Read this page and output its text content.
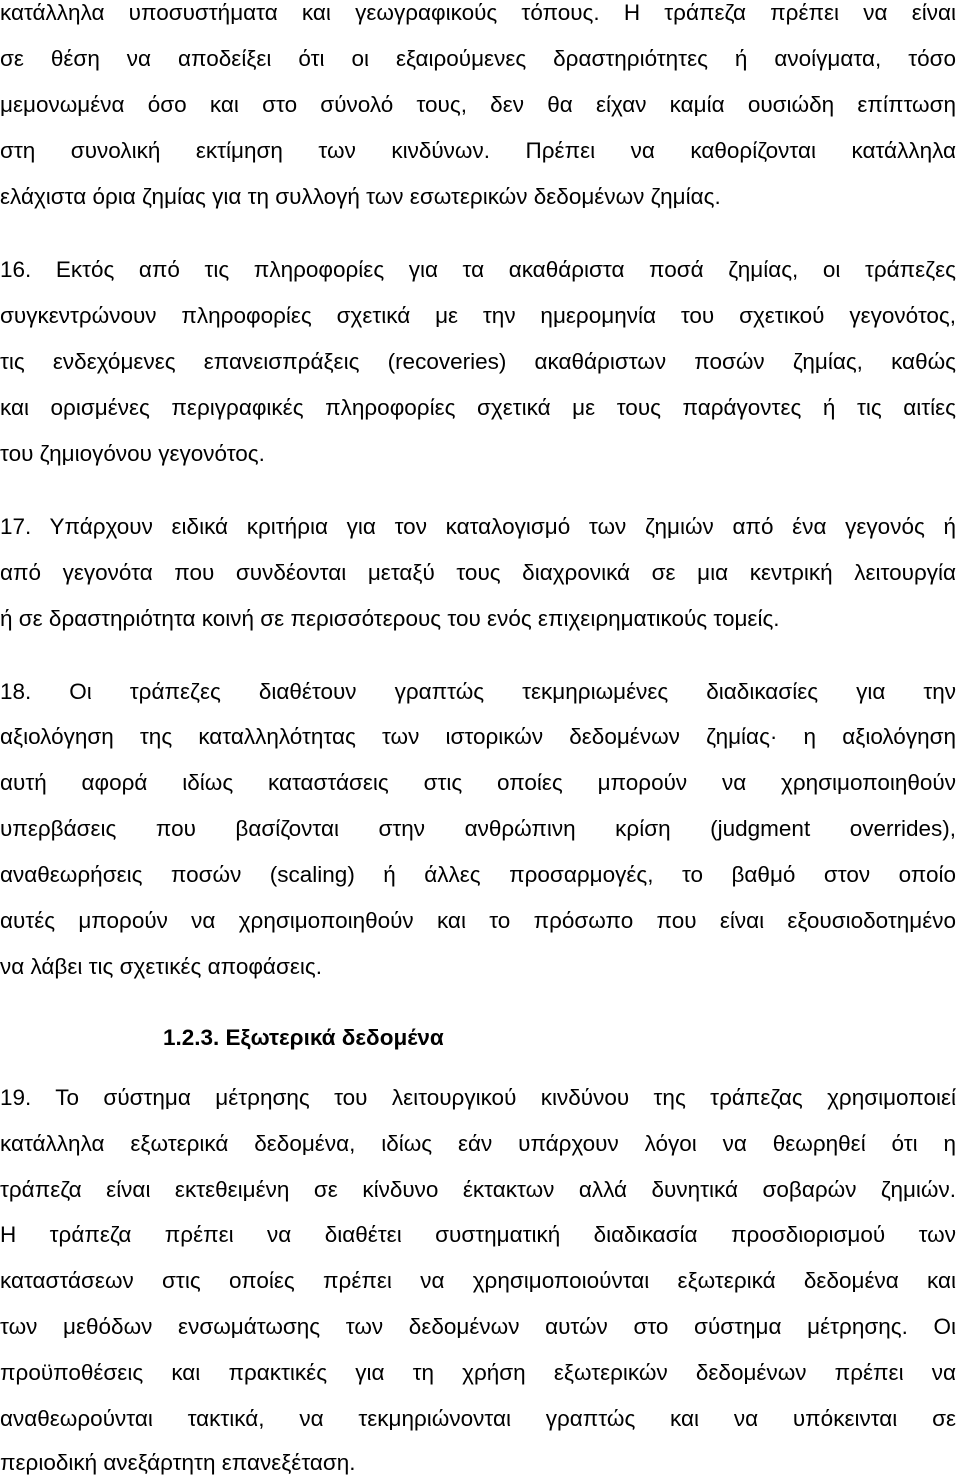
κατάλληλα υποσυστήματα και γεωγραφικούς τόπους. Η τράπεζα πρέπει να είναι
σε θέση να αποδείξει ότι οι εξαιρούμενες δραστηριότητες ή ανοίγματα, τόσο
μεμονωμένα όσο και στο σύνολό τους, δεν θα είχαν καμία ουσιώδη επίπτωση
στη συνολική εκτίμηση των κινδύνων. Πρέπει να καθορίζονται κατάλληλα
ελάχιστα όρια ζημίας για τη συλλογή των εσωτερικών δεδομένων ζημίας.
16. Εκτός από τις πληροφορίες για τα ακαθάριστα ποσά ζημίας, οι τράπεζες
συγκεντρώνουν πληροφορίες σχετικά με την ημερομηνία του σχετικού γεγονότος,
τις ενδεχόμενες επανεισπράξεις (recoveries) ακαθάριστων ποσών ζημίας, καθώς
και ορισμένες περιγραφικές πληροφορίες σχετικά με τους παράγοντες ή τις αιτίες
του ζημιογόνου γεγονότος.
17. Υπάρχουν ειδικά κριτήρια για τον καταλογισμό των ζημιών από ένα γεγονός ή
από γεγονότα που συνδέονται μεταξύ τους διαχρονικά σε μια κεντρική λειτουργία
ή σε δραστηριότητα κοινή σε περισσότερους του ενός επιχειρηματικούς τομείς.
18. Οι τράπεζες διαθέτουν γραπτώς τεκμηριωμένες διαδικασίες για την
αξιολόγηση της καταλληλότητας των ιστορικών δεδομένων ζημίας· η αξιολόγηση
αυτή αφορά ιδίως καταστάσεις στις οποίες μπορούν να χρησιμοποιηθούν
υπερβάσεις που βασίζονται στην ανθρώπινη κρίση (judgment overrides),
αναθεωρήσεις ποσών (scaling) ή άλλες προσαρμογές, το βαθμό στον οποίο
αυτές μπορούν να χρησιμοποιηθούν και το πρόσωπο που είναι εξουσιοδοτημένο
να λάβει τις σχετικές αποφάσεις.
1.2.3. Εξωτερικά δεδομένα
19. Το σύστημα μέτρησης του λειτουργικού κινδύνου της τράπεζας χρησιμοποιεί
κατάλληλα εξωτερικά δεδομένα, ιδίως εάν υπάρχουν λόγοι να θεωρηθεί ότι η
τράπεζα είναι εκτεθειμένη σε κίνδυνο έκτακτων αλλά δυνητικά σοβαρών ζημιών.
Η τράπεζα πρέπει να διαθέτει συστηματική διαδικασία προσδιορισμού των
καταστάσεων στις οποίες πρέπει να χρησιμοποιούνται εξωτερικά δεδομένα και
των μεθόδων ενσωμάτωσης των δεδομένων αυτών στο σύστημα μέτρησης. Οι
προϋποθέσεις και πρακτικές για τη χρήση εξωτερικών δεδομένων πρέπει να
αναθεωρούνται τακτικά, να τεκμηριώνονται γραπτώς και να υπόκεινται σε
περιοδική ανεξάρτητη επανεξέταση.
